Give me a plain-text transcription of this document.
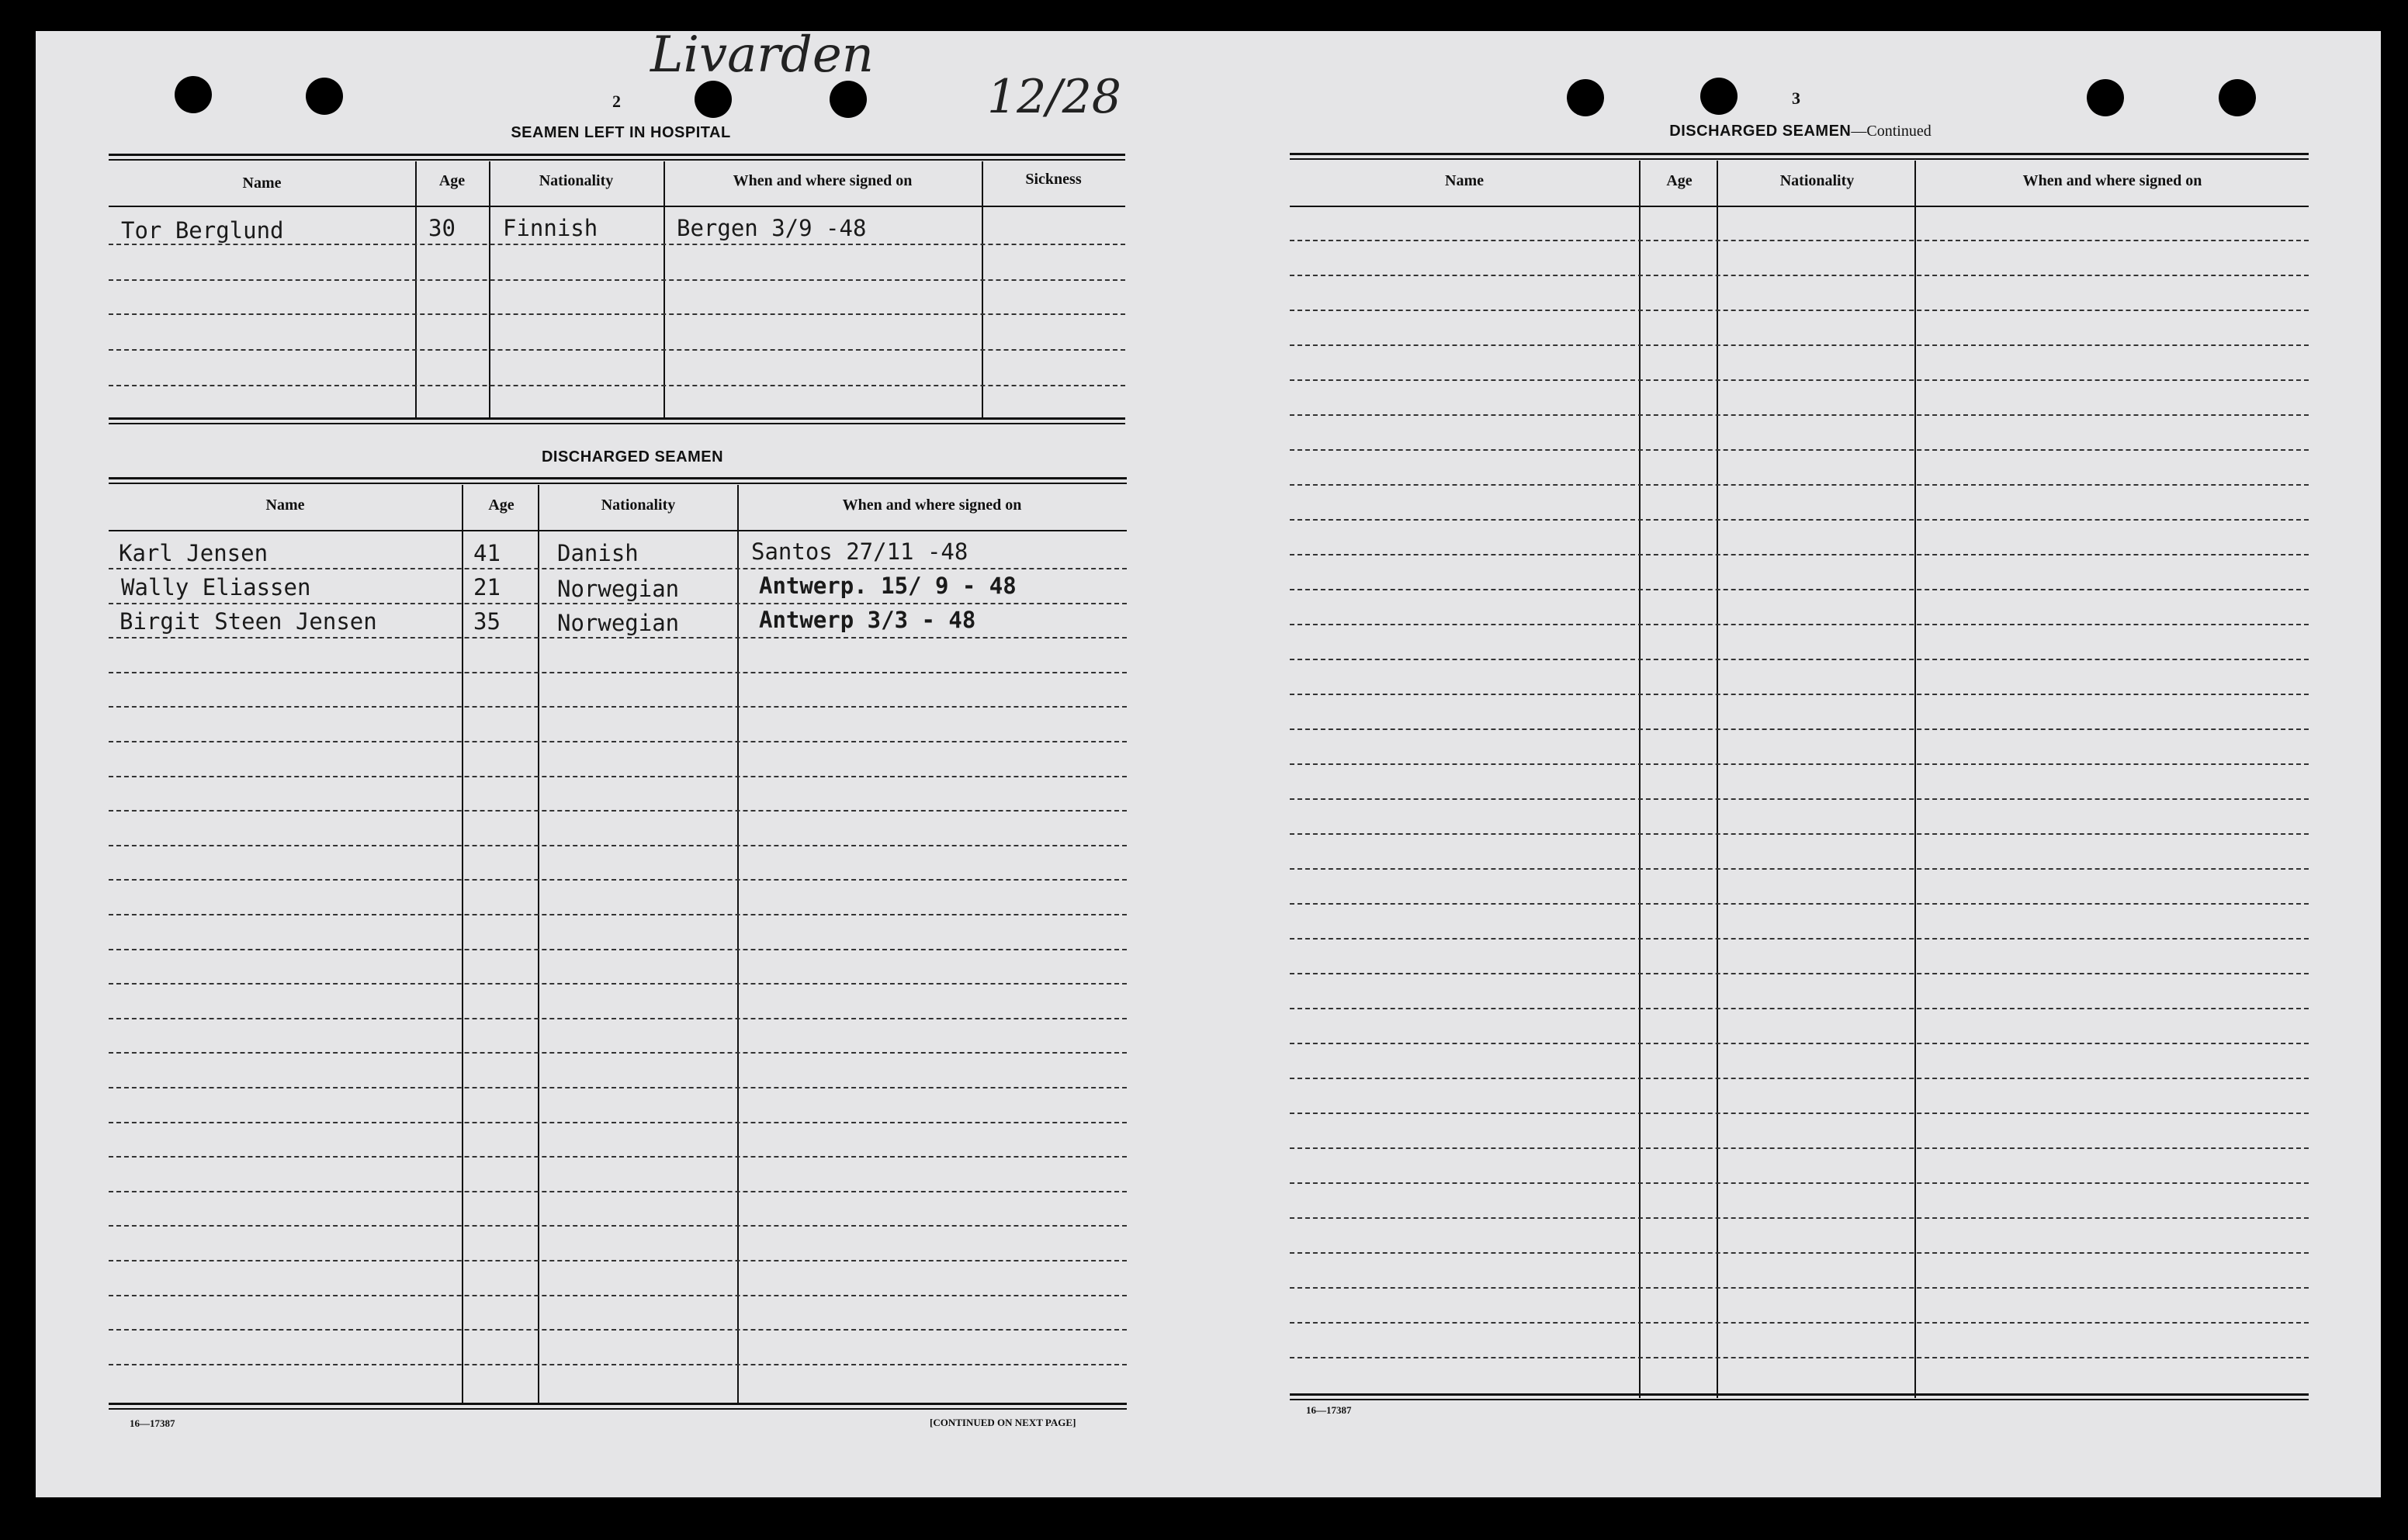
Livarden
12/28
2
SEAMEN LEFT IN HOSPITAL
Name	Age	Nationality	When and where signed on	Sickness
Tor Berglund	30 Finnish	Bergen 3/9 -48
DISCHARGED SEAMEN
Name	Age	Nationality	When and where signed on
Karl Jensen	41	Danish	Santos 27/11 -48
Wally Eliassen	21	Norwegian	Antwerp. 15/ 9 - 48
Birgit Steen Jensen	35	Norwegian	Antwerp 3/3 - 48
16—17387	[CONTINUED ON NEXT PAGE]
3
DISCHARGED SEAMEN—Continued
Name	Age	Nationality	When and where signed on
16—17387
